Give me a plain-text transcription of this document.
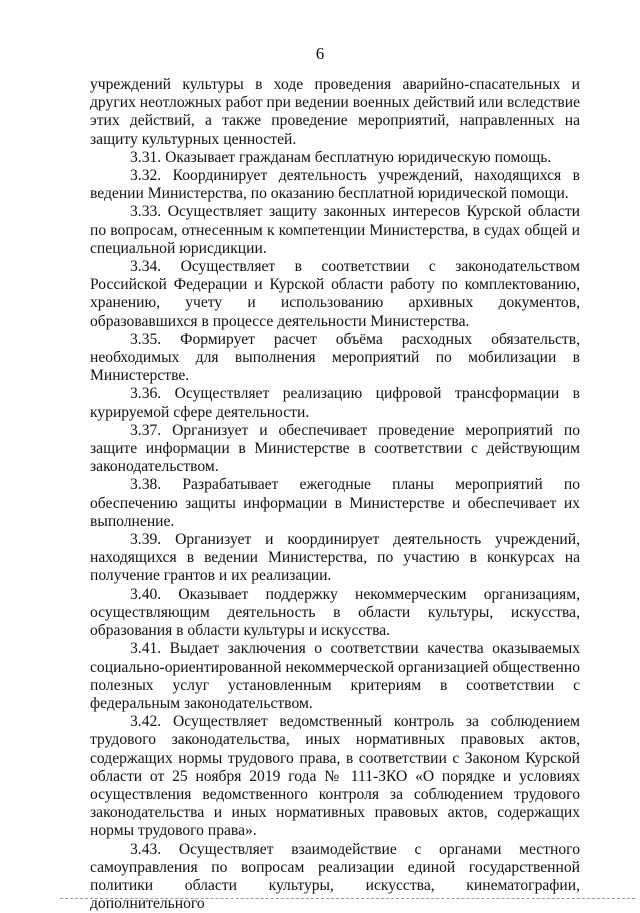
6

учреждений культуры в ходе проведения аварийно-спасательных и других неотложных работ при ведении военных действий или вследствие этих действий, а также проведение мероприятий, направленных на защиту культурных ценностей.

3.31. Оказывает гражданам бесплатную юридическую помощь.

3.32. Координирует деятельность учреждений, находящихся в ведении Министерства, по оказанию бесплатной юридической помощи.

3.33. Осуществляет защиту законных интересов Курской области по вопросам, отнесенным к компетенции Министерства, в судах общей и специальной юрисдикции.

3.34. Осуществляет в соответствии с законодательством Российской Федерации и Курской области работу по комплектованию, хранению, учету и использованию архивных документов, образовавшихся в процессе деятельности Министерства.

3.35. Формирует расчет объёма расходных обязательств, необходимых для выполнения мероприятий по мобилизации в Министерстве.

3.36. Осуществляет реализацию цифровой трансформации в курируемой сфере деятельности.

3.37. Организует и обеспечивает проведение мероприятий по защите информации в Министерстве в соответствии с действующим законодательством.

3.38. Разрабатывает ежегодные планы мероприятий по обеспечению защиты информации в Министерстве и обеспечивает их выполнение.

3.39. Организует и координирует деятельность учреждений, находящихся в ведении Министерства, по участию в конкурсах на получение грантов и их реализации.

3.40. Оказывает поддержку некоммерческим организациям, осуществляющим деятельность в области культуры, искусства, образования в области культуры и искусства.

3.41. Выдает заключения о соответствии качества оказываемых социально-ориентированной некоммерческой организацией общественно полезных услуг установленным критериям в соответствии с федеральным законодательством.

3.42. Осуществляет ведомственный контроль за соблюдением трудового законодательства, иных нормативных правовых актов, содержащих нормы трудового права, в соответствии с Законом Курской области от 25 ноября 2019 года № 111-ЗКО «О порядке и условиях осуществления ведомственного контроля за соблюдением трудового законодательства и иных нормативных правовых актов, содержащих нормы трудового права».

3.43. Осуществляет взаимодействие с органами местного самоуправления по вопросам реализации единой государственной политики области культуры, искусства, кинематографии, дополнительного
